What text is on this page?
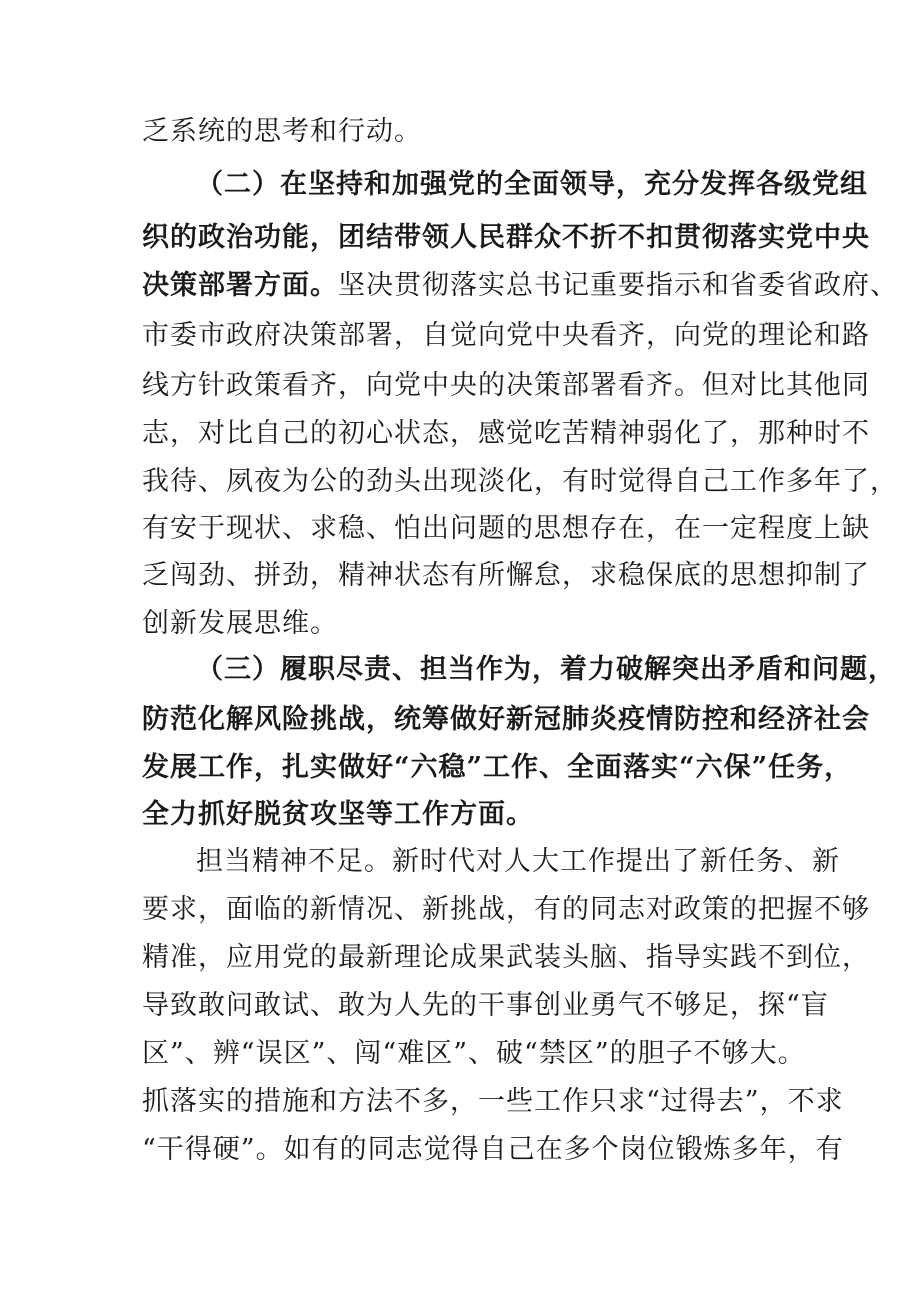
乏系统的思考和行动。
（二）在坚持和加强党的全面领导，充分发挥各级党组
织的政治功能，团结带领人民群众不折不扣贯彻落实党中央
决策部署方面。坚决贯彻落实总书记重要指示和省委省政府、
市委市政府决策部署，自觉向党中央看齐，向党的理论和路
线方针政策看齐，向党中央的决策部署看齐。但对比其他同
志，对比自己的初心状态，感觉吃苦精神弱化了，那种时不
我待、夙夜为公的劲头出现淡化，有时觉得自己工作多年了，
有安于现状、求稳、怕出问题的思想存在，在一定程度上缺
乏闯劲、拼劲，精神状态有所懈怠，求稳保底的思想抑制了
创新发展思维。
（三）履职尽责、担当作为，着力破解突出矛盾和问题，
防范化解风险挑战，统筹做好新冠肺炎疫情防控和经济社会
发展工作，扎实做好“六稳”工作、全面落实“六保”任务，
全力抓好脱贫攻坚等工作方面。
担当精神不足。新时代对人大工作提出了新任务、新
要求，面临的新情况、新挑战，有的同志对政策的把握不够
精准，应用党的最新理论成果武装头脑、指导实践不到位，
导致敢问敢试、敢为人先的干事创业勇气不够足，探“盲
区”、辨“误区”、闯“难区”、破“禁区”的胆子不够大。
抓落实的措施和方法不多，一些工作只求“过得去”，不求
“干得硬”。如有的同志觉得自己在多个岗位锻炼多年，有
